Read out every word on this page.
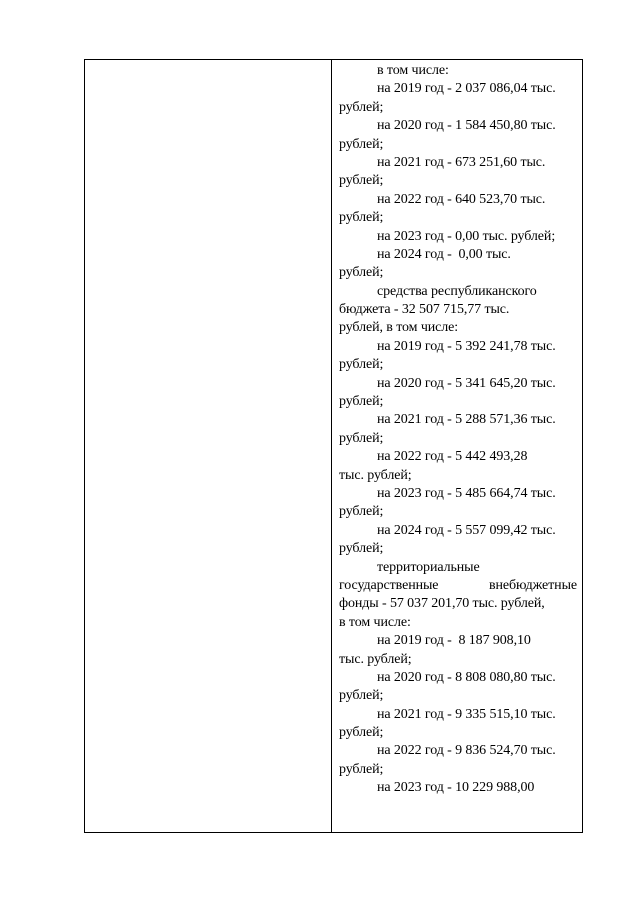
в том числе:
на 2019 год - 2 037 086,04 тыс.
рублей;
на 2020 год - 1 584 450,80 тыс.
рублей;
на 2021 год - 673 251,60 тыс.
рублей;
на 2022 год - 640 523,70 тыс.
рублей;
на 2023 год - 0,00 тыс. рублей;
на 2024 год -  0,00 тыс.
рублей;
средства республиканского
бюджета - 32 507 715,77 тыс.
рублей, в том числе:
на 2019 год - 5 392 241,78 тыс.
рублей;
на 2020 год - 5 341 645,20 тыс.
рублей;
на 2021 год - 5 288 571,36 тыс.
рублей;
на 2022 год - 5 442 493,28
тыс. рублей;
на 2023 год - 5 485 664,74 тыс.
рублей;
на 2024 год - 5 557 099,42 тыс.
рублей;
территориальные
государственные	внебюджетные
фонды - 57 037 201,70 тыс. рублей,
в том числе:
на 2019 год -  8 187 908,10
тыс. рублей;
на 2020 год - 8 808 080,80 тыс.
рублей;
на 2021 год - 9 335 515,10 тыс.
рублей;
на 2022 год - 9 836 524,70 тыс.
рублей;
на 2023 год - 10 229 988,00
